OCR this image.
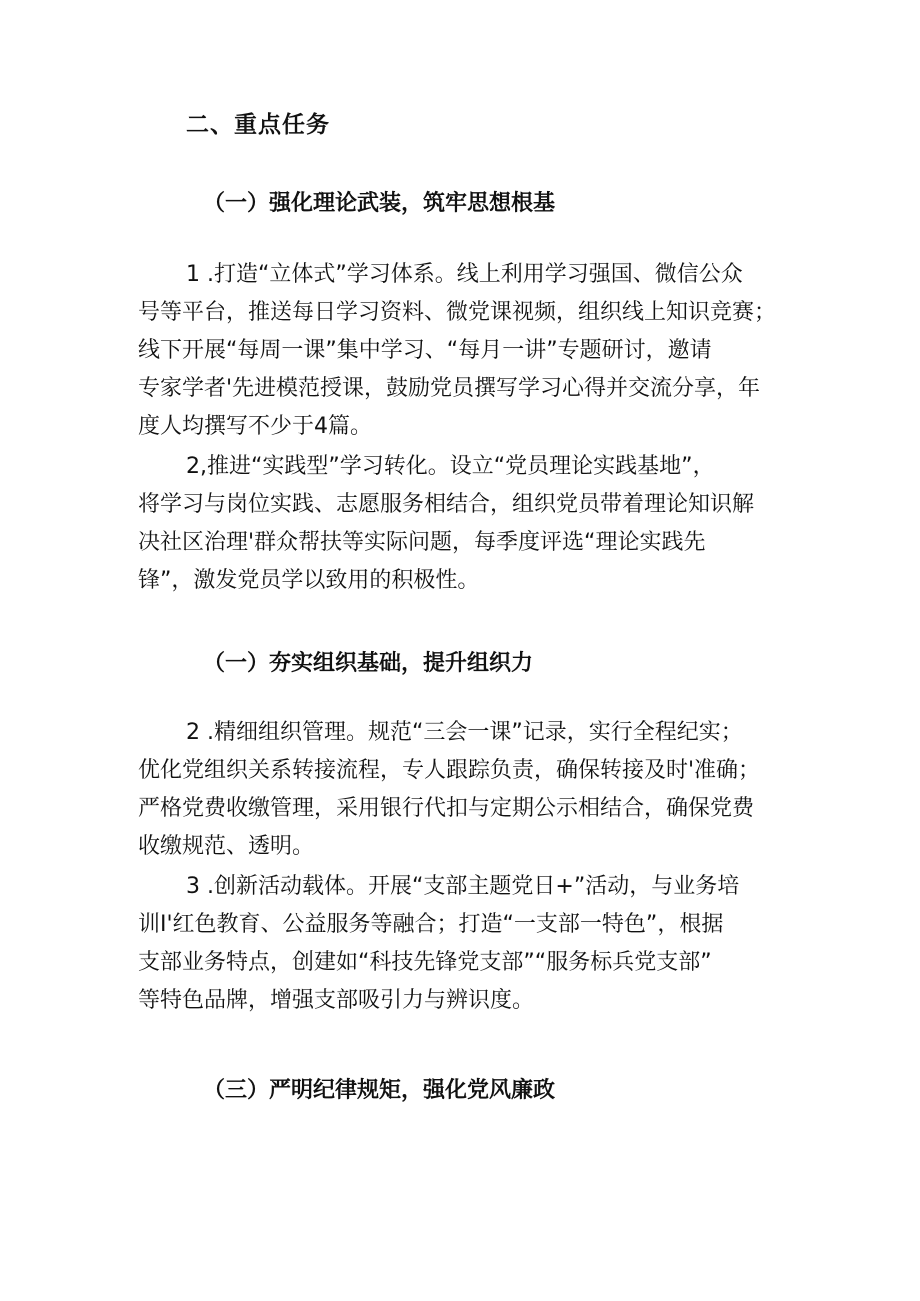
二、重点任务
（一）强化理论武装，筑牢思想根基
1 .打造“立体式”学习体系。线上利用学习强国、微信公众
号等平台，推送每日学习资料、微党课视频，组织线上知识竞赛；
线下开展“每周一课”集中学习、“每月一讲”专题研讨，邀请
专家学者'先进模范授课，鼓励党员撰写学习心得并交流分享，年
度人均撰写不少于4篇。
2,推进“实践型”学习转化。设立“党员理论实践基地”，
将学习与岗位实践、志愿服务相结合，组织党员带着理论知识解
决社区治理'群众帮扶等实际问题，每季度评选“理论实践先
锋”，激发党员学以致用的积极性。
（一）夯实组织基础，提升组织力
2 .精细组织管理。规范“三会一课”记录，实行全程纪实；
优化党组织关系转接流程，专人跟踪负责，确保转接及时'准确；
严格党费收缴管理，采用银行代扣与定期公示相结合，确保党费
收缴规范、透明。
3 .创新活动载体。开展“支部主题党日+”活动，与业务培
训I'红色教育、公益服务等融合；打造“一支部一特色”，根据
支部业务特点，创建如“科技先锋党支部”“服务标兵党支部”
等特色品牌，增强支部吸引力与辨识度。
（三）严明纪律规矩，强化党风廉政
